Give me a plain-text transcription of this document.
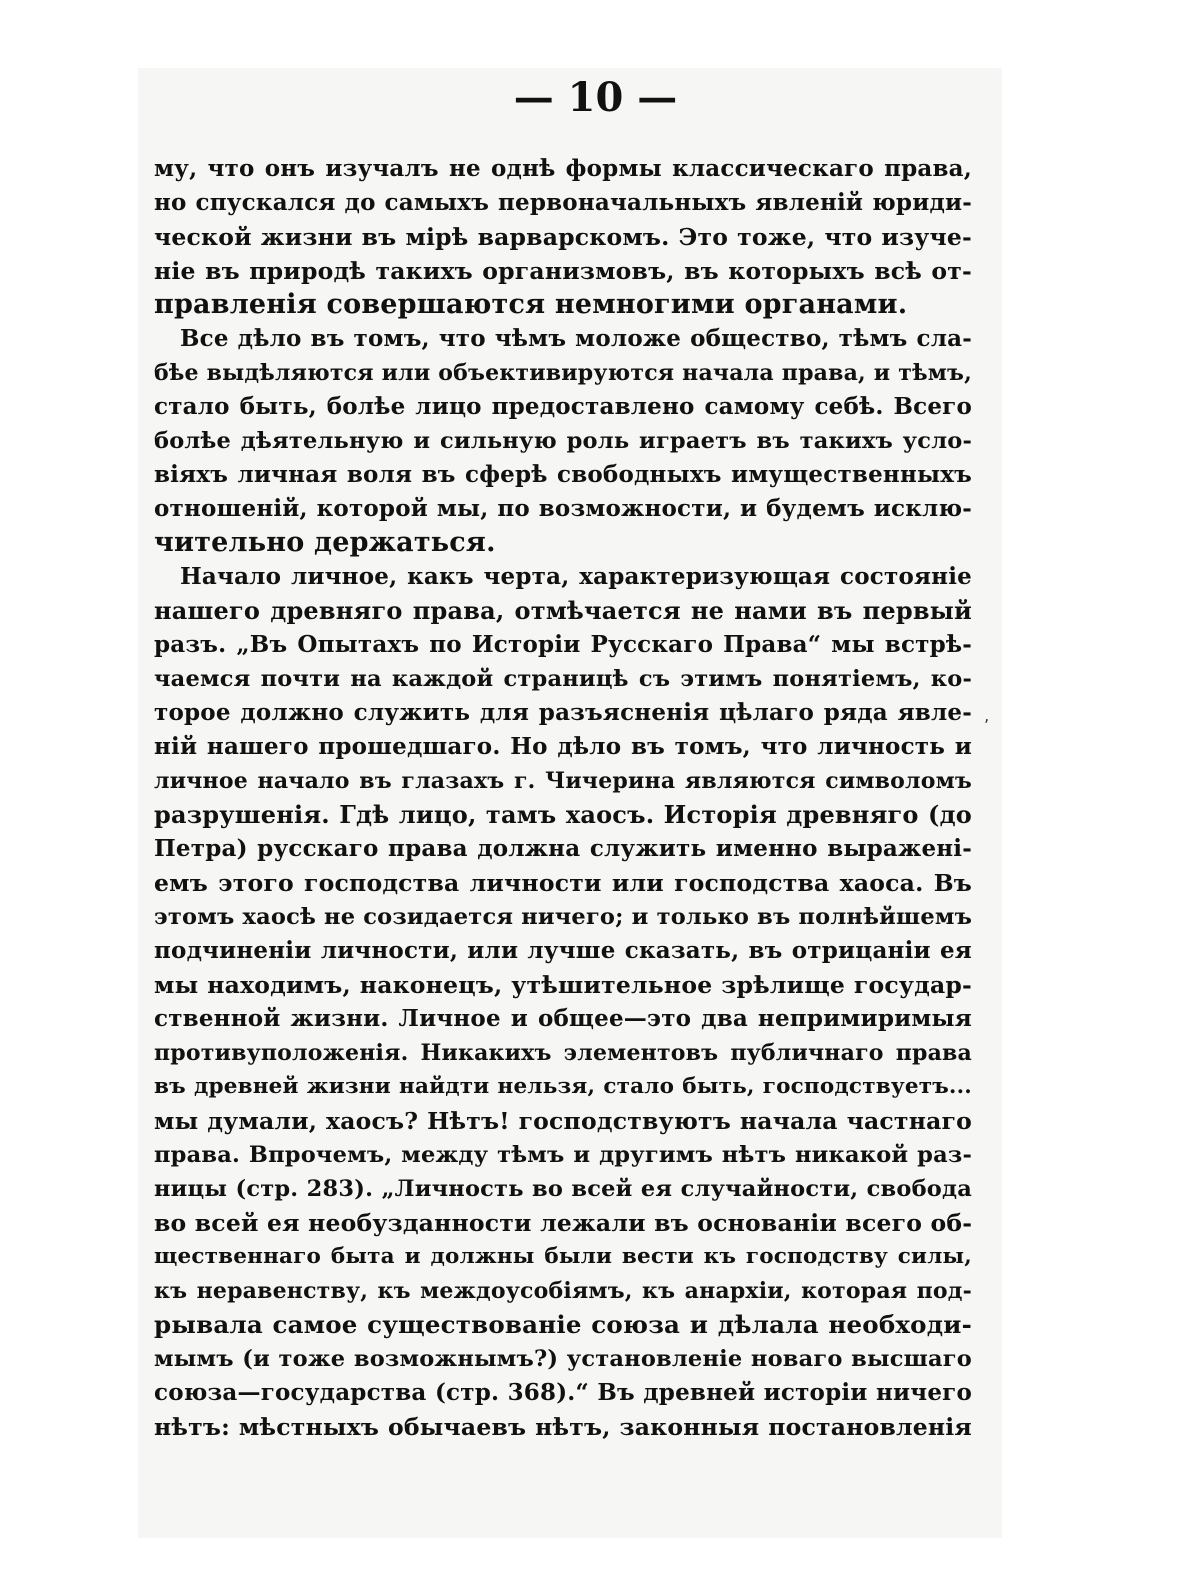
— 10 —
му, что онъ изучалъ не однѣ формы классическаго права,
но спускался до самыхъ первоначальныхъ явленій юриди-
ческой жизни въ мірѣ варварскомъ. Это тоже, что изуче-
ніе въ природѣ такихъ организмовъ, въ которыхъ всѣ от-
правленія совершаются немногими органами.
Все дѣло въ томъ, что чѣмъ моложе общество, тѣмъ сла-
бѣе выдѣляются или объективируются начала права, и тѣмъ,
стало быть, болѣе лицо предоставлено самому себѣ. Всего
болѣе дѣятельную и сильную роль играетъ въ такихъ усло-
віяхъ личная воля въ сферѣ свободныхъ имущественныхъ
отношеній, которой мы, по возможности, и будемъ исклю-
чительно держаться.
Начало личное, какъ черта, характеризующая состояніе
нашего древняго права, отмѣчается не нами въ первый
разъ. „Въ Опытахъ по Исторіи Русскаго Права“ мы встрѣ-
чаемся почти на каждой страницѣ съ этимъ понятіемъ, ко-
торое должно служить для разъясненія цѣлаго ряда явле-
ній нашего прошедшаго. Но дѣло въ томъ, что личность и
личное начало въ глазахъ г. Чичерина являются символомъ
разрушенія. Гдѣ лицо, тамъ хаосъ. Исторія древняго (до
Петра) русскаго права должна служить именно выраженi-
емъ этого господства личности или господства хаоса. Въ
этомъ хаосѣ не созидается ничего; и только въ полнѣйшемъ
подчиненіи личности, или лучше сказать, въ отрицаніи ея
мы находимъ, наконецъ, утѣшительное зрѣлище государ-
ственной жизни. Личное и общее—это два непримиримыя
противуположенія. Никакихъ элементовъ публичнаго права
въ древней жизни найдти нельзя, стало быть, господствуетъ...
мы думали, хаосъ? Нѣтъ! господствуютъ начала частнаго
права. Впрочемъ, между тѣмъ и другимъ нѣтъ никакой раз-
ницы (стр. 283). „Личность во всей ея случайности, свобода
во всей ея необузданности лежали въ основаніи всего об-
щественнаго быта и должны были вести къ господству силы,
къ неравенству, къ междоусобіямъ, къ анархіи, которая под-
рывала самое существованіе союза и дѣлала необходи-
мымъ (и тоже возможнымъ?) установленіе новаго высшаго
союза—государства (стр. 368).“ Въ древней исторіи ничего
нѣтъ: мѣстныхъ обычаевъ нѣтъ, законныя постановленія
‚
